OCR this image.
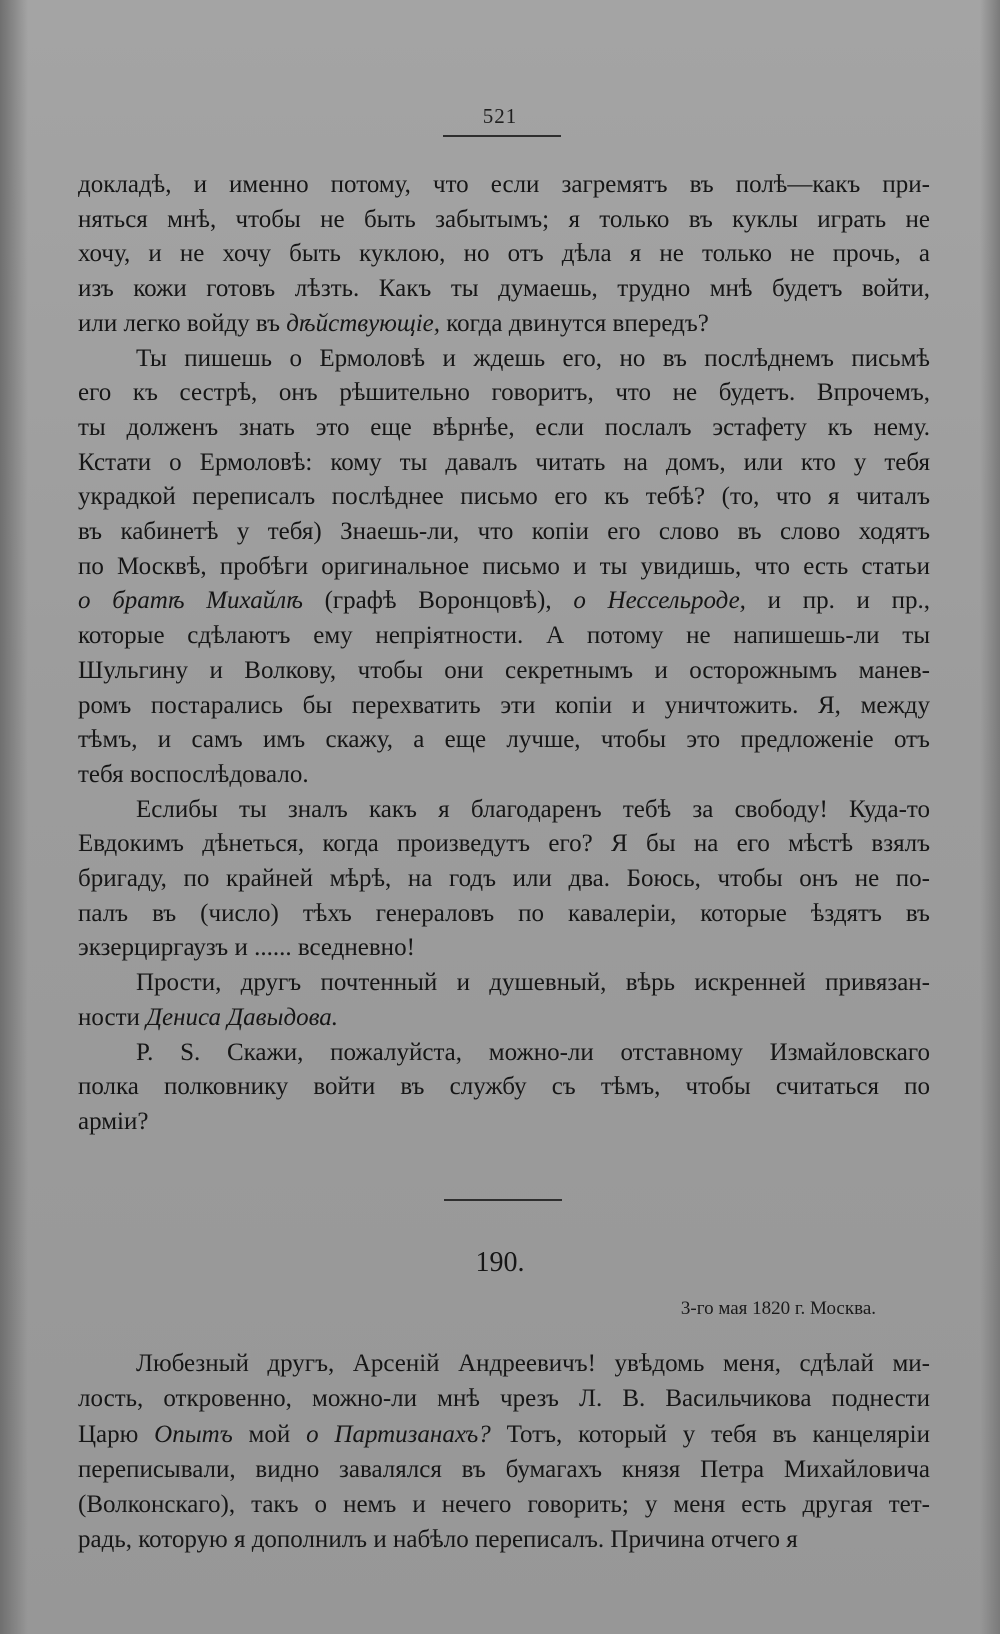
521

докладѣ, и именно потому, что если загремятъ въ полѣ—какъ при-

няться мнѣ, чтобы не быть забытымъ; я только въ куклы играть не

хочу, и не хочу быть куклою, но отъ дѣла я не только не прочь, а

изъ кожи готовъ лѣзть. Какъ ты думаешь, трудно мнѣ будетъ войти,

или легко войду въ дѣйствующіе, когда двинутся впередъ?

Ты пишешь о Ермоловѣ и ждешь его, но въ послѣднемъ письмѣ

его къ сестрѣ, онъ рѣшительно говоритъ, что не будетъ. Впрочемъ,

ты долженъ знать это еще вѣрнѣе, если послалъ эстафету къ нему.

Кстати о Ермоловѣ: кому ты давалъ читать на домъ, или кто у тебя

украдкой переписалъ послѣднее письмо его къ тебѣ? (то, что я читалъ

въ кабинетѣ у тебя) Знаешь-ли, что копіи его слово въ слово ходятъ

по Москвѣ, пробѣги оригинальное письмо и ты увидишь, что есть статьи

о братѣ Михайлѣ (графѣ Воронцовѣ), о Нессельроде, и пр. и пр.,

которые сдѣлаютъ ему непріятности. А потому не напишешь-ли ты

Шульгину и Волкову, чтобы они секретнымъ и осторожнымъ манев-

ромъ постарались бы перехватить эти копіи и уничтожить. Я, между

тѣмъ, и самъ имъ скажу, а еще лучше, чтобы это предложеніе отъ

тебя воспослѣдовало.

Еслибы ты зналъ какъ я благодаренъ тебѣ за свободу! Куда-то

Евдокимъ дѣнеться, когда произведутъ его? Я бы на его мѣстѣ взялъ

бригаду, по крайней мѣрѣ, на годъ или два. Боюсь, чтобы онъ не по-

палъ въ (число) тѣхъ генераловъ по кавалеріи, которые ѣздятъ въ

экзерциргаузъ и ...... вседневно!

Прости, другъ почтенный и душевный, вѣрь искренней привязан-

ности Дениса Давыдова.

P. S. Скажи, пожалуйста, можно-ли отставному Измайловскаго

полка полковнику войти въ службу съ тѣмъ, чтобы считаться по

арміи?

190.
3-го мая 1820 г. Москва.

Любезный другъ, Арсеній Андреевичъ! увѣдомь меня, сдѣлай ми-

лость, откровенно, можно-ли мнѣ чрезъ Л. В. Васильчикова поднести

Царю Опытъ мой о Партизанахъ? Тотъ, который у тебя въ канцеляріи

переписывали, видно завалялся въ бумагахъ князя Петра Михайловича

(Волконскаго), такъ о немъ и нечего говорить; у меня есть другая тет-

радь, которую я дополнилъ и набѣло переписалъ. Причина отчего я
